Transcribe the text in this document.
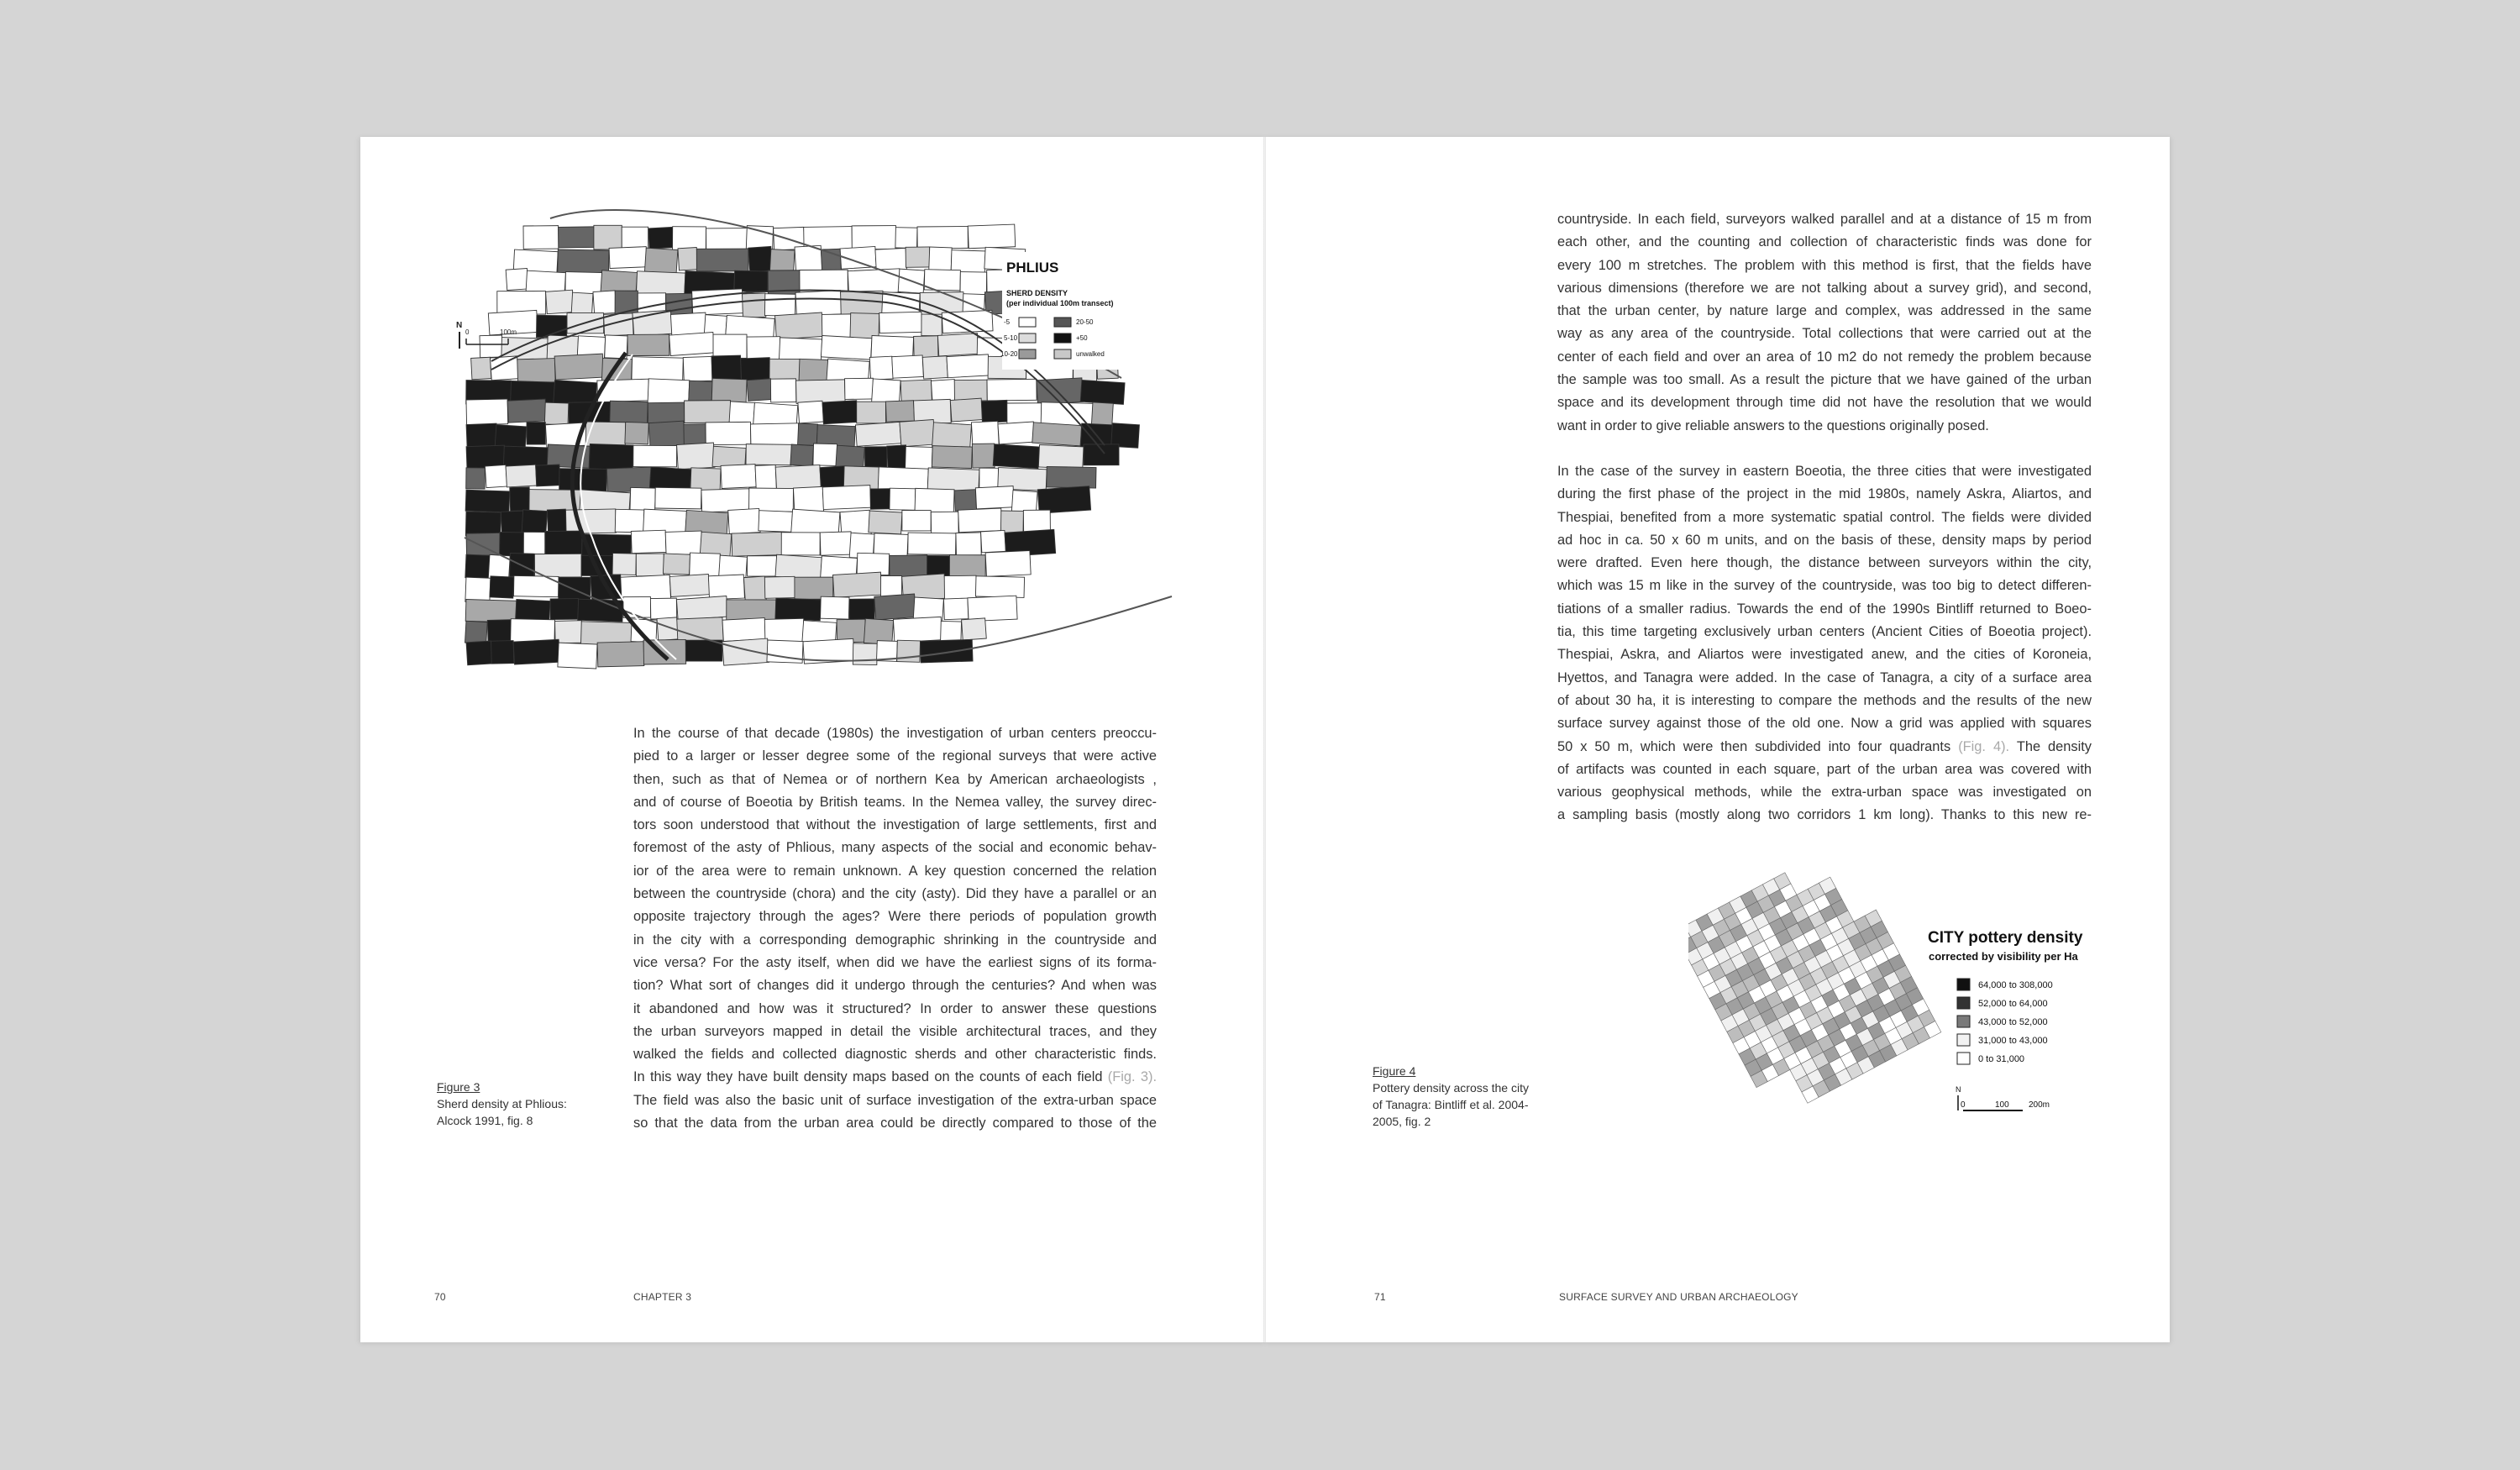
N
0	100m
PHLIUS
SHERD DENSITY
(per individual 100m transect)
-5
5-10
10-20
20-50
+50
unwalked

In the course of that decade (1980s) the investigation of urban centers preoccu-

pied to a larger or lesser degree some of the regional surveys that were active

then, such as that of Nemea or of northern Kea by American archaeologists ,

and of course of Boeotia by British teams. In the Nemea valley, the survey direc-

tors soon understood that without the investigation of large settlements, first and

foremost of the asty of Phlious, many aspects of the social and economic behav-

ior of the area were to remain unknown. A key question concerned the relation

between the countryside (chora) and the city (asty). Did they have a parallel or an

opposite trajectory through the ages? Were there periods of population growth

in the city with a corresponding demographic shrinking in the countryside and

vice versa? For the asty itself, when did we have the earliest signs of its forma-

tion? What sort of changes did it undergo through the centuries? And when was

it abandoned and how was it structured? In order to answer these questions

the urban surveyors mapped in detail the visible architectural traces, and they

walked the fields and collected diagnostic sherds and other characteristic finds.

In this way they have built density maps based on the counts of each field (Fig. 3).

The field was also the basic unit of surface investigation of the extra-urban space

so that the data from the urban area could be directly compared to those of the

Figure 3
Sherd density at Phlious:
Alcock 1991, fig. 8
70	CHAPTER 3

countryside. In each field, surveyors walked parallel and at a distance of 15 m from

each other, and the counting and collection of characteristic finds was done for

every 100 m stretches. The problem with this method is first, that the fields have

various dimensions (therefore we are not talking about a survey grid), and second,

that the urban center, by nature large and complex, was addressed in the same

way as any area of the countryside. Total collections that were carried out at the

center of each field and over an area of 10 m2 do not remedy the problem because

the sample was too small. As a result the picture that we have gained of the urban

space and its development through time did not have the resolution that we would

want in order to give reliable answers to the questions originally posed.

In the case of the survey in eastern Boeotia, the three cities that were investigated

during the first phase of the project in the mid 1980s, namely Askra, Aliartos, and

Thespiai, benefited from a more systematic spatial control. The fields were divided

ad hoc in ca. 50 x 60 m units, and on the basis of these, density maps by period

were drafted. Even here though, the distance between surveyors within the city,

which was 15 m like in the survey of the countryside, was too big to detect differen-

tiations of a smaller radius. Towards the end of the 1990s Bintliff returned to Boeo-

tia, this time targeting exclusively urban centers (Ancient Cities of Boeotia project).

Thespiai, Askra, and Aliartos were investigated anew, and the cities of Koroneia,

Hyettos, and Tanagra were added. In the case of Tanagra, a city of a surface area

of about 30 ha, it is interesting to compare the methods and the results of the new

surface survey against those of the old one. Now a grid was applied with squares

50 x 50 m, which were then subdivided into four quadrants (Fig. 4). The density

of artifacts was counted in each square, part of the urban area was covered with

various geophysical methods, while the extra-urban space was investigated on

a sampling basis (mostly along two corridors 1 km long). Thanks to this new re-

CITY pottery density
corrected by visibility per Ha
64,000 to 308,000
52,000 to 64,000
43,000 to 52,000
31,000 to 43,000
0 to 31,000
N
0	100 200m
Figure 4
Pottery density across the city
of Tanagra: Bintliff et al. 2004-
2005, fig. 2
71	SURFACE SURVEY AND URBAN ARCHAEOLOGY
